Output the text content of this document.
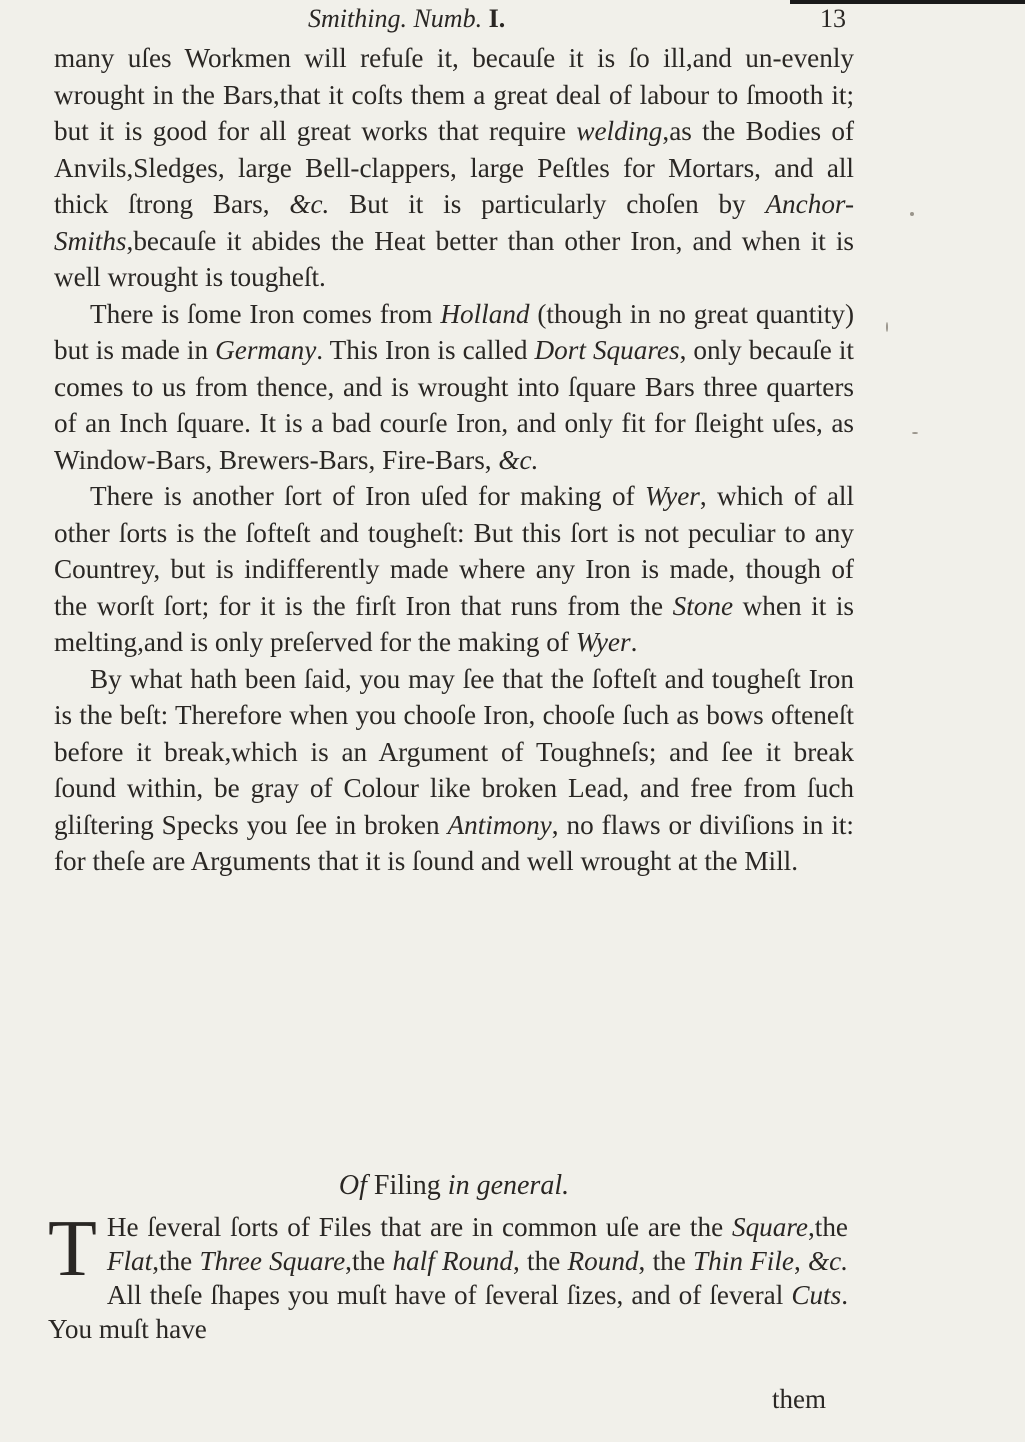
Smithing. Numb. I.	13

many uſes Workmen will refuſe it, becauſe it is ſo ill,and un-evenly wrought in the Bars,that it coſts them a great deal of labour to ſmooth it; but it is good for all great works that require welding,as the Bodies of Anvils,Sledges, large Bell-clappers, large Peſtles for Mortars, and all thick ſtrong Bars, &c. But it is particularly choſen by Anchor-Smiths,becauſe it abides the Heat better than other Iron, and when it is well wrought is tougheſt.

There is ſome Iron comes from Holland (though in no great quantity) but is made in Germany. This Iron is called Dort Squares, only becauſe it comes to us from thence, and is wrought into ſquare Bars three quarters of an Inch ſquare. It is a bad courſe Iron, and only fit for ſleight uſes, as Window-Bars, Brewers-Bars, Fire-Bars, &c.

There is another ſort of Iron uſed for making of Wyer, which of all other ſorts is the ſofteſt and tougheſt: But this ſort is not peculiar to any Countrey, but is indifferently made where any Iron is made, though of the worſt ſort; for it is the firſt Iron that runs from the Stone when it is melting,and is only preſerved for the making of Wyer.

By what hath been ſaid, you may ſee that the ſofteſt and tougheſt Iron is the beſt: Therefore when you chooſe Iron, chooſe ſuch as bows ofteneſt before it break,which is an Argument of Toughneſs; and ſee it break ſound within, be gray of Colour like broken Lead, and free from ſuch gliſtering Specks you ſee in broken Antimony, no flaws or diviſions in it: for theſe are Arguments that it is ſound and well wrought at the Mill.

Of Filing in general.
T He ſeveral ſorts of Files that are in common uſe are the Square,the Flat,the Three Square,the half Round, the Round, the Thin File, &c. All theſe ſhapes you muſt have of ſeveral ſizes, and of ſeveral Cuts. You muſt have
them
